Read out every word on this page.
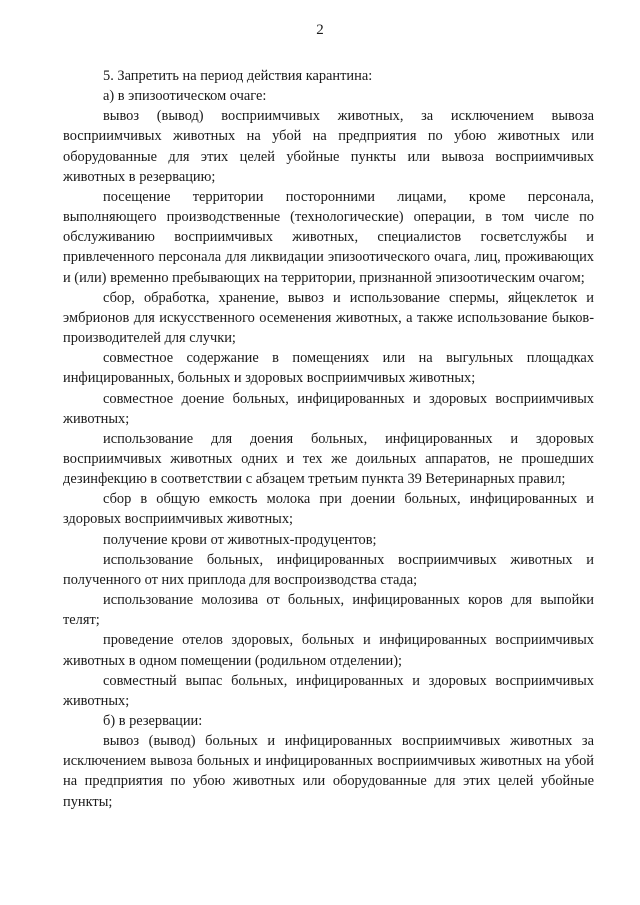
2

5. Запретить на период действия карантина:

а) в эпизоотическом очаге:

вывоз (вывод) восприимчивых животных, за исключением вывоза восприимчивых животных на убой на предприятия по убою животных или оборудованные для этих целей убойные пункты или вывоза восприимчивых животных в резервацию;

посещение территории посторонними лицами, кроме персонала, выполняющего производственные (технологические) операции, в том числе по обслуживанию восприимчивых животных, специалистов госветслужбы и привлеченного персонала для ликвидации эпизоотического очага, лиц, проживающих и (или) временно пребывающих на территории, признанной эпизоотическим очагом;

сбор, обработка, хранение, вывоз и использование спермы, яйцеклеток и эмбрионов для искусственного осеменения животных, а также использование быков-производителей для случки;

совместное содержание в помещениях или на выгульных площадках инфицированных, больных и здоровых восприимчивых животных;

совместное доение больных, инфицированных и здоровых восприимчивых животных;

использование для доения больных, инфицированных и здоровых восприимчивых животных одних и тех же доильных аппаратов, не прошедших дезинфекцию в соответствии с абзацем третьим пункта 39 Ветеринарных правил;

сбор в общую емкость молока при доении больных, инфицированных и здоровых восприимчивых животных;

получение крови от животных-продуцентов;

использование больных, инфицированных восприимчивых животных и полученного от них приплода для воспроизводства стада;

использование молозива от больных, инфицированных коров для выпойки телят;

проведение отелов здоровых, больных и инфицированных восприимчивых животных в одном помещении (родильном отделении);

совместный выпас больных, инфицированных и здоровых восприимчивых животных;

б) в резервации:

вывоз (вывод) больных и инфицированных восприимчивых животных за исключением вывоза больных и инфицированных восприимчивых животных на убой на предприятия по убою животных или оборудованные для этих целей убойные пункты;
